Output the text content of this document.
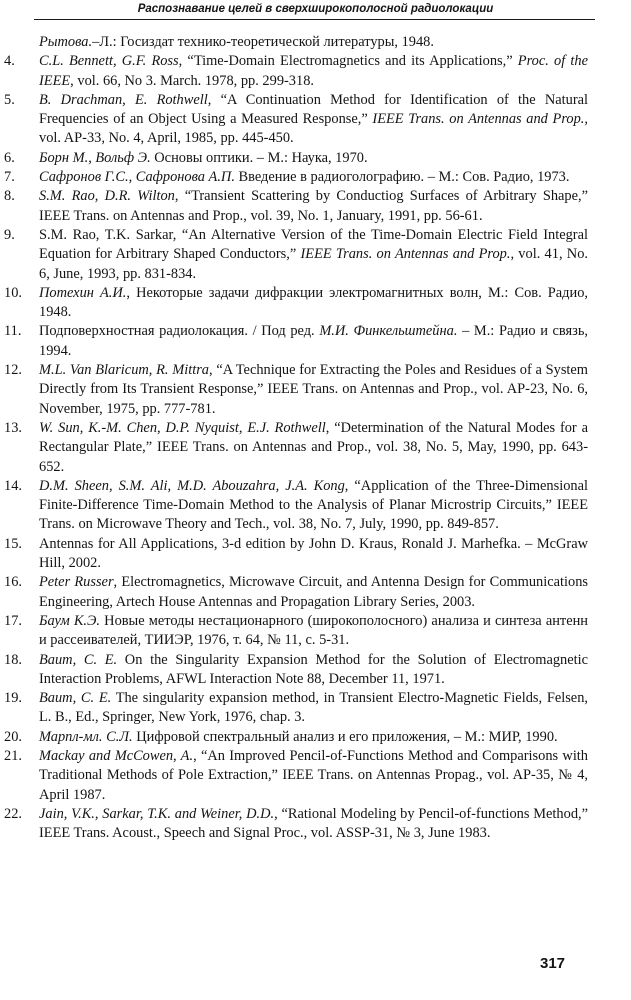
Распознавание целей в сверхширокополосной радиолокации
Рытова.–Л.: Госиздат технико-теоретической литературы, 1948.
4. C.L. Bennett, G.F. Ross, “Time-Domain Electromagnetics and its Applications,” Proc. of the IEEE, vol. 66, No 3. March. 1978, pp. 299-318.
5. B. Drachman, E. Rothwell, “A Continuation Method for Identification of the Natural Frequencies of an Object Using a Measured Response,” IEEE Trans. on Antennas and Prop., vol. AP-33, No. 4, April, 1985, pp. 445-450.
6. Борн М., Вольф Э. Основы оптики. – М.: Наука, 1970.
7. Сафронов Г.С., Сафронова А.П. Введение в радиоголографию. – М.: Сов. Радио, 1973.
8. S.M. Rao, D.R. Wilton, “Transient Scattering by Conductiog Surfaces of Arbitrary Shape,” IEEE Trans. on Antennas and Prop., vol. 39, No. 1, January, 1991, pp. 56-61.
9. S.M. Rao, T.K. Sarkar, “An Alternative Version of the Time-Domain Electric Field Integral Equation for Arbitrary Shaped Conductors,” IEEE Trans. on Antennas and Prop., vol. 41, No. 6, June, 1993, pp. 831-834.
10. Потехин А.И., Некоторые задачи дифракции электромагнитных волн, М.: Сов. Радио, 1948.
11. Подповерхностная радиолокация. / Под ред. М.И. Финкельштейна. – М.: Радио и связь, 1994.
12. M.L. Van Blaricum, R. Mittra, “A Technique for Extracting the Poles and Residues of a System Directly from Its Transient Response,” IEEE Trans. on Antennas and Prop., vol. AP-23, No. 6, November, 1975, pp. 777-781.
13. W. Sun, K.-M. Chen, D.P. Nyquist, E.J. Rothwell, “Determination of the Natural Modes for a Rectangular Plate,” IEEE Trans. on Antennas and Prop., vol. 38, No. 5, May, 1990, pp. 643-652.
14. D.M. Sheen, S.M. Ali, M.D. Abouzahra, J.A. Kong, “Application of the Three-Dimensional Finite-Difference Time-Domain Method to the Analysis of Planar Microstrip Circuits,” IEEE Trans. on Microwave Theory and Tech., vol. 38, No. 7, July, 1990, pp. 849-857.
15. Antennas for All Applications, 3-d edition by John D. Kraus, Ronald J. Marhefka. – McGraw Hill, 2002.
16. Peter Russer, Electromagnetics, Microwave Circuit, and Antenna Design for Communications Engineering, Artech House Antennas and Propagation Library Series, 2003.
17. Баум К.Э. Новые методы нестационарного (широкополосного) анализа и синтеза антенн и рассеивателей, ТИИЭР, 1976, т. 64, № 11, с. 5-31.
18. Baum, C. E. On the Singularity Expansion Method for the Solution of Electromagnetic Interaction Problems, AFWL Interaction Note 88, December 11, 1971.
19. Baum, C. E. The singularity expansion method, in Transient Electro-Magnetic Fields, Felsen, L. B., Ed., Springer, New York, 1976, chap. 3.
20. Марпл-мл. С.Л. Цифровой спектральный анализ и его приложения, – М.: МИР, 1990.
21. Mackay and McCowen, A., “An Improved Pencil-of-Functions Method and Comparisons with Traditional Methods of Pole Extraction,” IEEE Trans. on Antennas Propag., vol. AP-35, № 4, April 1987.
22. Jain, V.K., Sarkar, T.K. and Weiner, D.D., “Rational Modeling by Pencil-of-functions Method,” IEEE Trans. Acoust., Speech and Signal Proc., vol. ASSP-31, № 3, June 1983.
317
